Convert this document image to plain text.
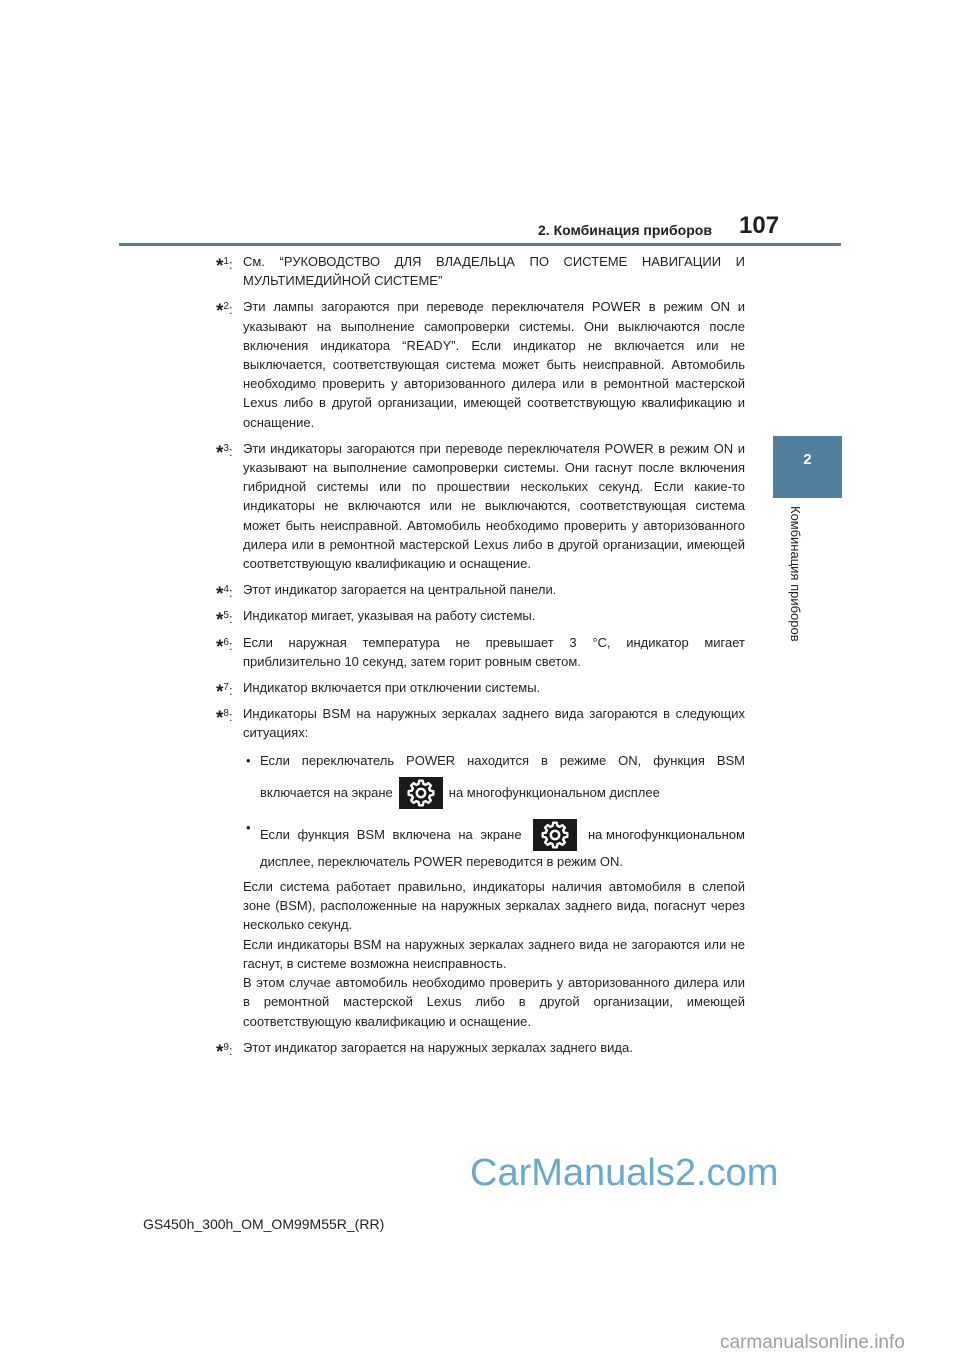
2. Комбинация приборов 107
2
Комбинация приборов
*$^1$: См. “РУКОВОДСТВО ДЛЯ ВЛАДЕЛЬЦА ПО СИСТЕМЕ НАВИГАЦИИ И МУЛЬТИМЕДИЙНОЙ СИСТЕМЕ”
*$^2$: Эти лампы загораются при переводе переключателя POWER в режим ON и указывают на выполнение самопроверки системы. Они выключаются после включения индикатора “READY”. Если индикатор не включается или не выключается, соответствующая система может быть неисправной. Автомобиль необходимо проверить у авторизованного дилера или в ремонтной мастерской Lexus либо в другой организации, имеющей соответствующую квалификацию и оснащение.
*$^3$: Эти индикаторы загораются при переводе переключателя POWER в режим ON и указывают на выполнение самопроверки системы. Они гаснут после включения гибридной системы или по прошествии нескольких секунд. Если какие-то индикаторы не включаются или не выключаются, соответствующая система может быть неисправной. Автомобиль необходимо проверить у авторизованного дилера или в ремонтной мастерской Lexus либо в другой организации, имеющей соответствующую квалификацию и оснащение.
*$^4$: Этот индикатор загорается на центральной панели.
*$^5$: Индикатор мигает, указывая на работу системы.
*$^6$: Если наружная температура не превышает 3 °C, индикатор мигает приблизительно 10 секунд, затем горит ровным светом.
*$^7$: Индикатор включается при отключении системы.
*$^8$: Индикаторы BSM на наружных зеркалах заднего вида загораются в следующих ситуациях:
• Если переключатель POWER находится в режиме ON, функция BSM
включается на экране	на многофункциональном дисплее
• Если функция BSM включена на экране	на многофункциональном
дисплее, переключатель POWER переводится в режим ON.
Если система работает правильно, индикаторы наличия автомобиля в слепой зоне (BSM), расположенные на наружных зеркалах заднего вида, погаснут через несколько секунд.
Если индикаторы BSM на наружных зеркалах заднего вида не загораются или не гаснут, в системе возможна неисправность.
В этом случае автомобиль необходимо проверить у авторизованного дилера или в ремонтной мастерской Lexus либо в другой организации, имеющей соответствующую квалификацию и оснащение.
*$^9$: Этот индикатор загорается на наружных зеркалах заднего вида.
CarManuals2.com
GS450h_300h_OM_OM99M55R_(RR)
carmanualsonline.info
